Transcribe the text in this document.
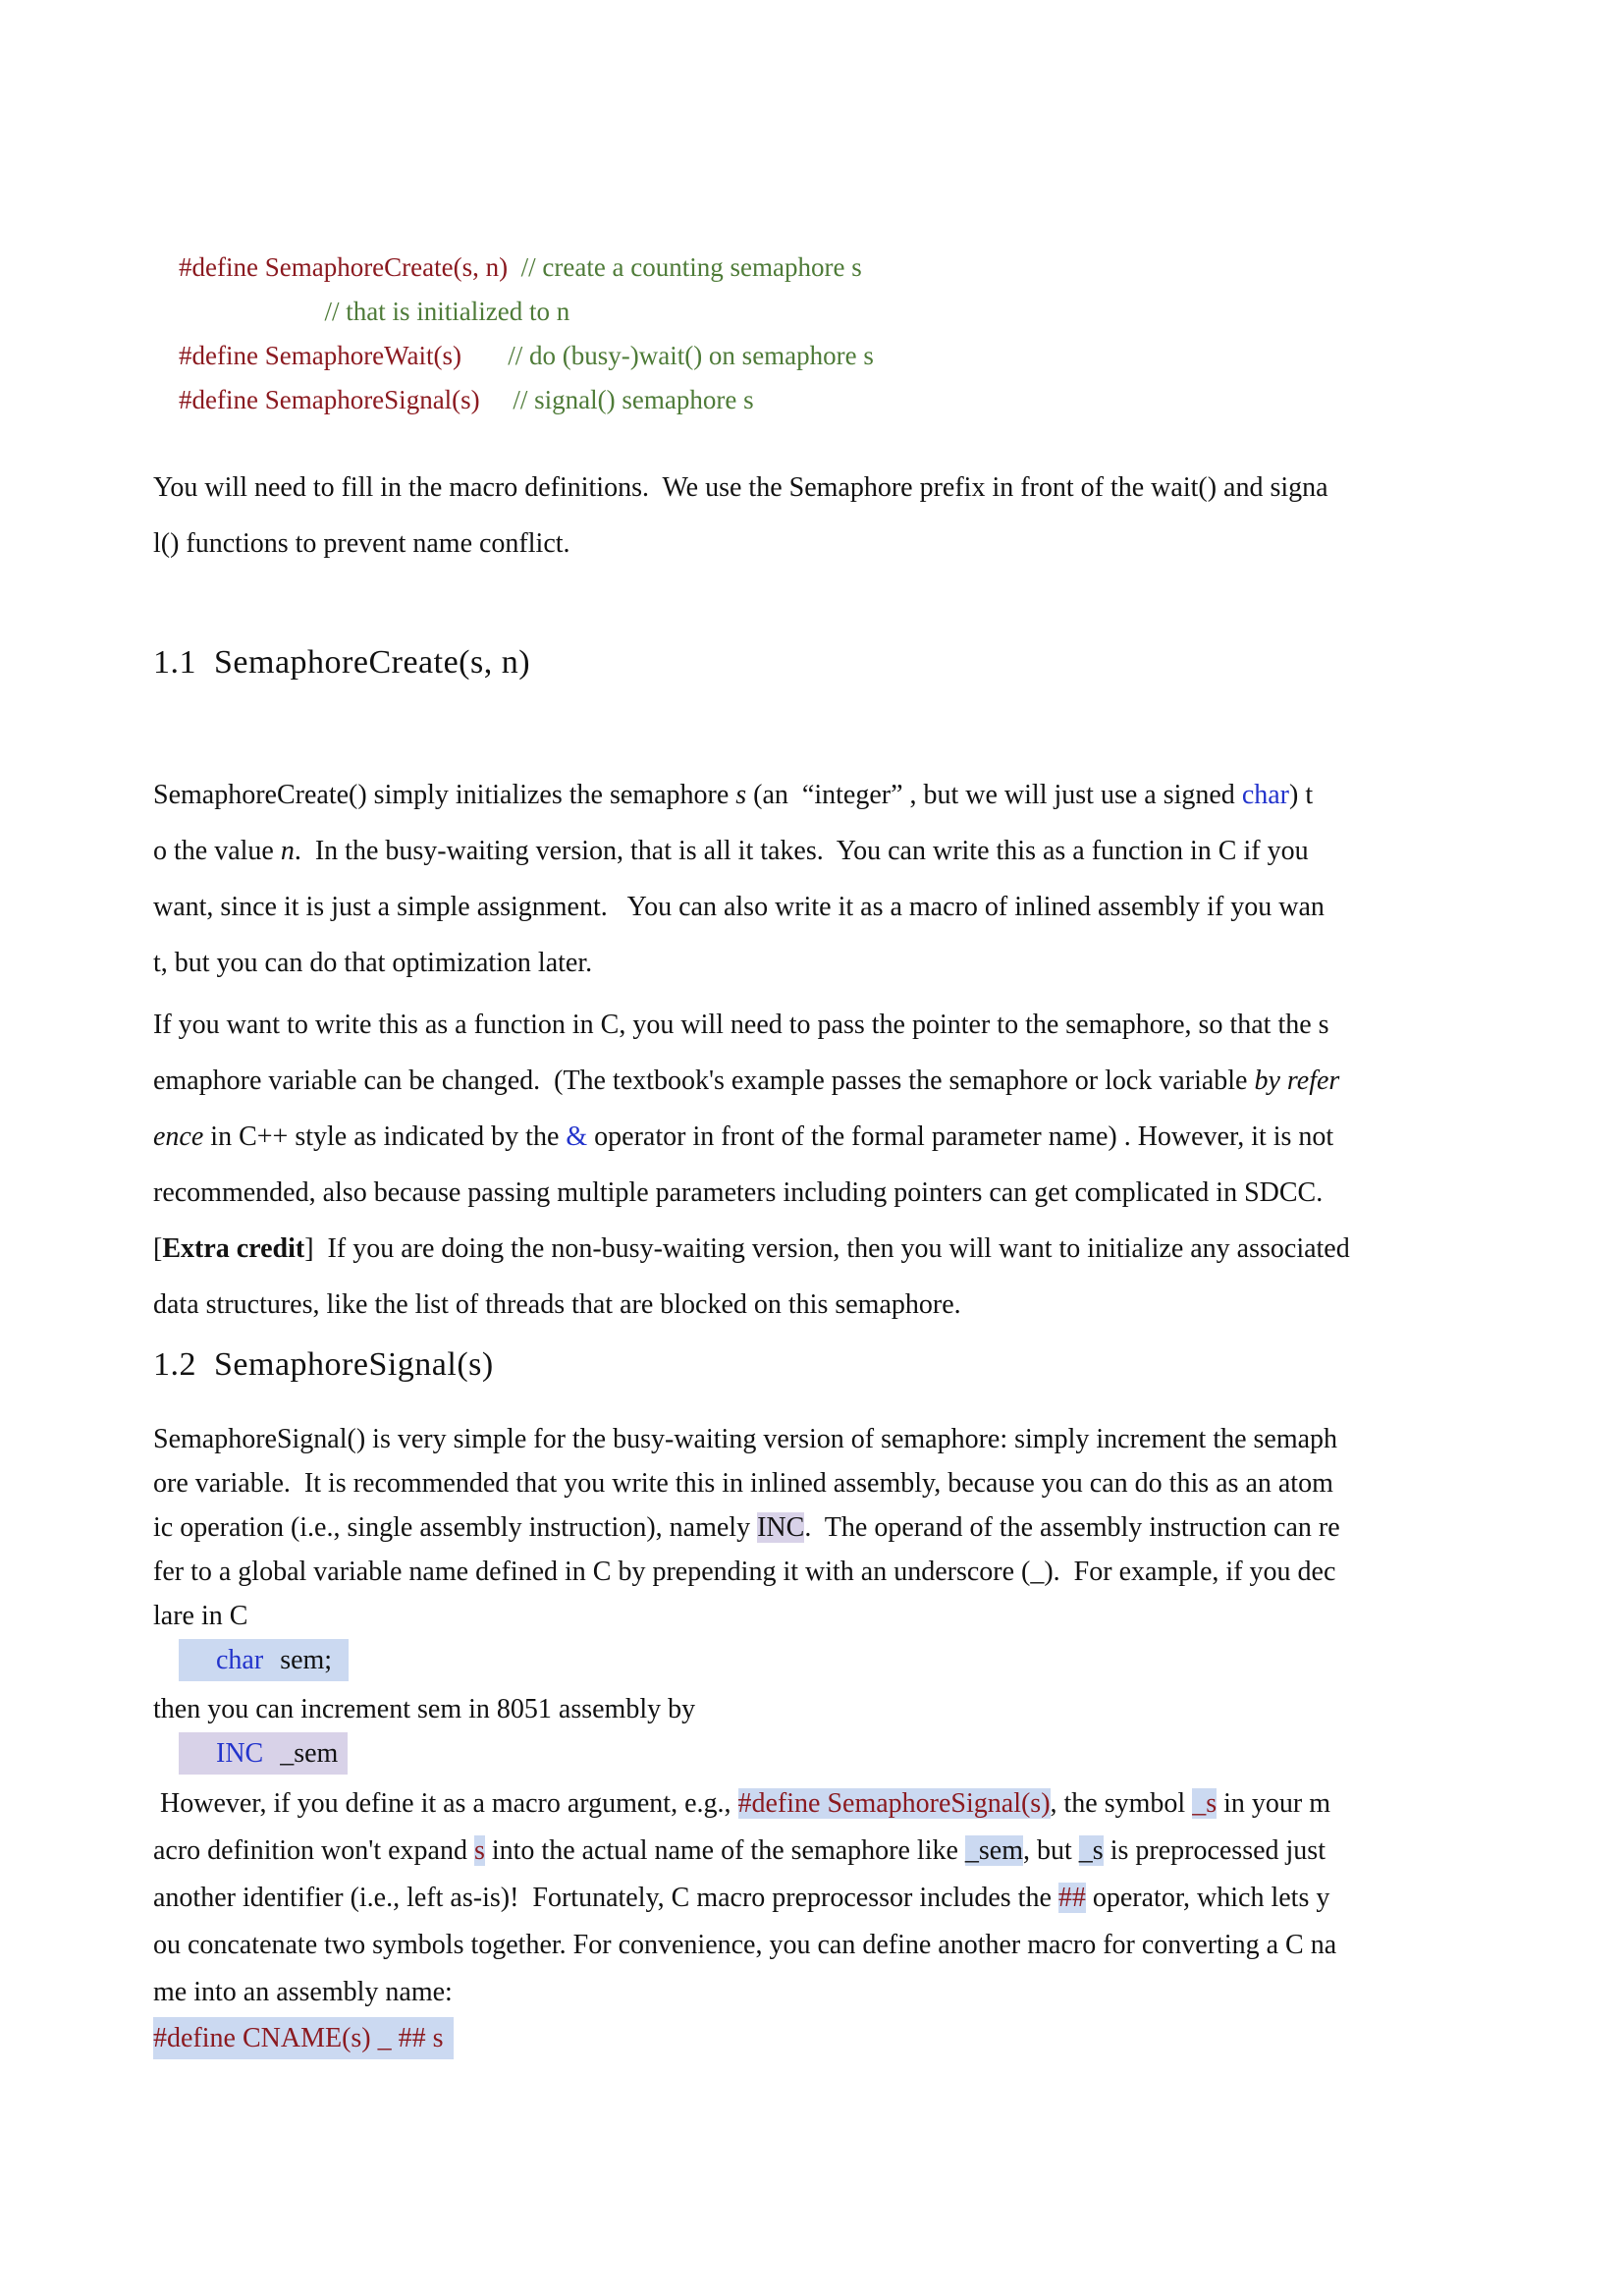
#define SemaphoreCreate(s, n) // create a counting semaphore s
// that is initialized to n
#define SemaphoreWait(s) // do (busy-)wait() on semaphore s
#define SemaphoreSignal(s) // signal() semaphore s
You will need to fill in the macro definitions.  We use the Semaphore prefix in front of the wait() and signa
l() functions to prevent name conflict.
1.1  SemaphoreCreate(s, n)
SemaphoreCreate() simply initializes the semaphore s (an  “integer” , but we will just use a signed char) t
o the value n.  In the busy-waiting version, that is all it takes.  You can write this as a function in C if you
want, since it is just a simple assignment.   You can also write it as a macro of inlined assembly if you wan
t, but you can do that optimization later.
If you want to write this as a function in C, you will need to pass the pointer to the semaphore, so that the s
emaphore variable can be changed.  (The textbook's example passes the semaphore or lock variable by refer
ence in C++ style as indicated by the & operator in front of the formal parameter name) . However, it is not
recommended, also because passing multiple parameters including pointers can get complicated in SDCC.
[Extra credit]  If you are doing the non-busy-waiting version, then you will want to initialize any associated
data structures, like the list of threads that are blocked on this semaphore.
1.2  SemaphoreSignal(s)
SemaphoreSignal() is very simple for the busy-waiting version of semaphore: simply increment the semaph
ore variable.  It is recommended that you write this in inlined assembly, because you can do this as an atom
ic operation (i.e., single assembly instruction), namely INC.  The operand of the assembly instruction can re
fer to a global variable name defined in C by prepending it with an underscore (_).  For example, if you dec
lare in C
char sem;
then you can increment sem in 8051 assembly by
INC _sem
However, if you define it as a macro argument, e.g., #define SemaphoreSignal(s), the symbol _s in your m
acro definition won't expand s into the actual name of the semaphore like _sem, but _s is preprocessed just
another identifier (i.e., left as-is)!  Fortunately, C macro preprocessor includes the ## operator, which lets y
ou concatenate two symbols together. For convenience, you can define another macro for converting a C na
me into an assembly name:
#define CNAME(s) _ ## s
